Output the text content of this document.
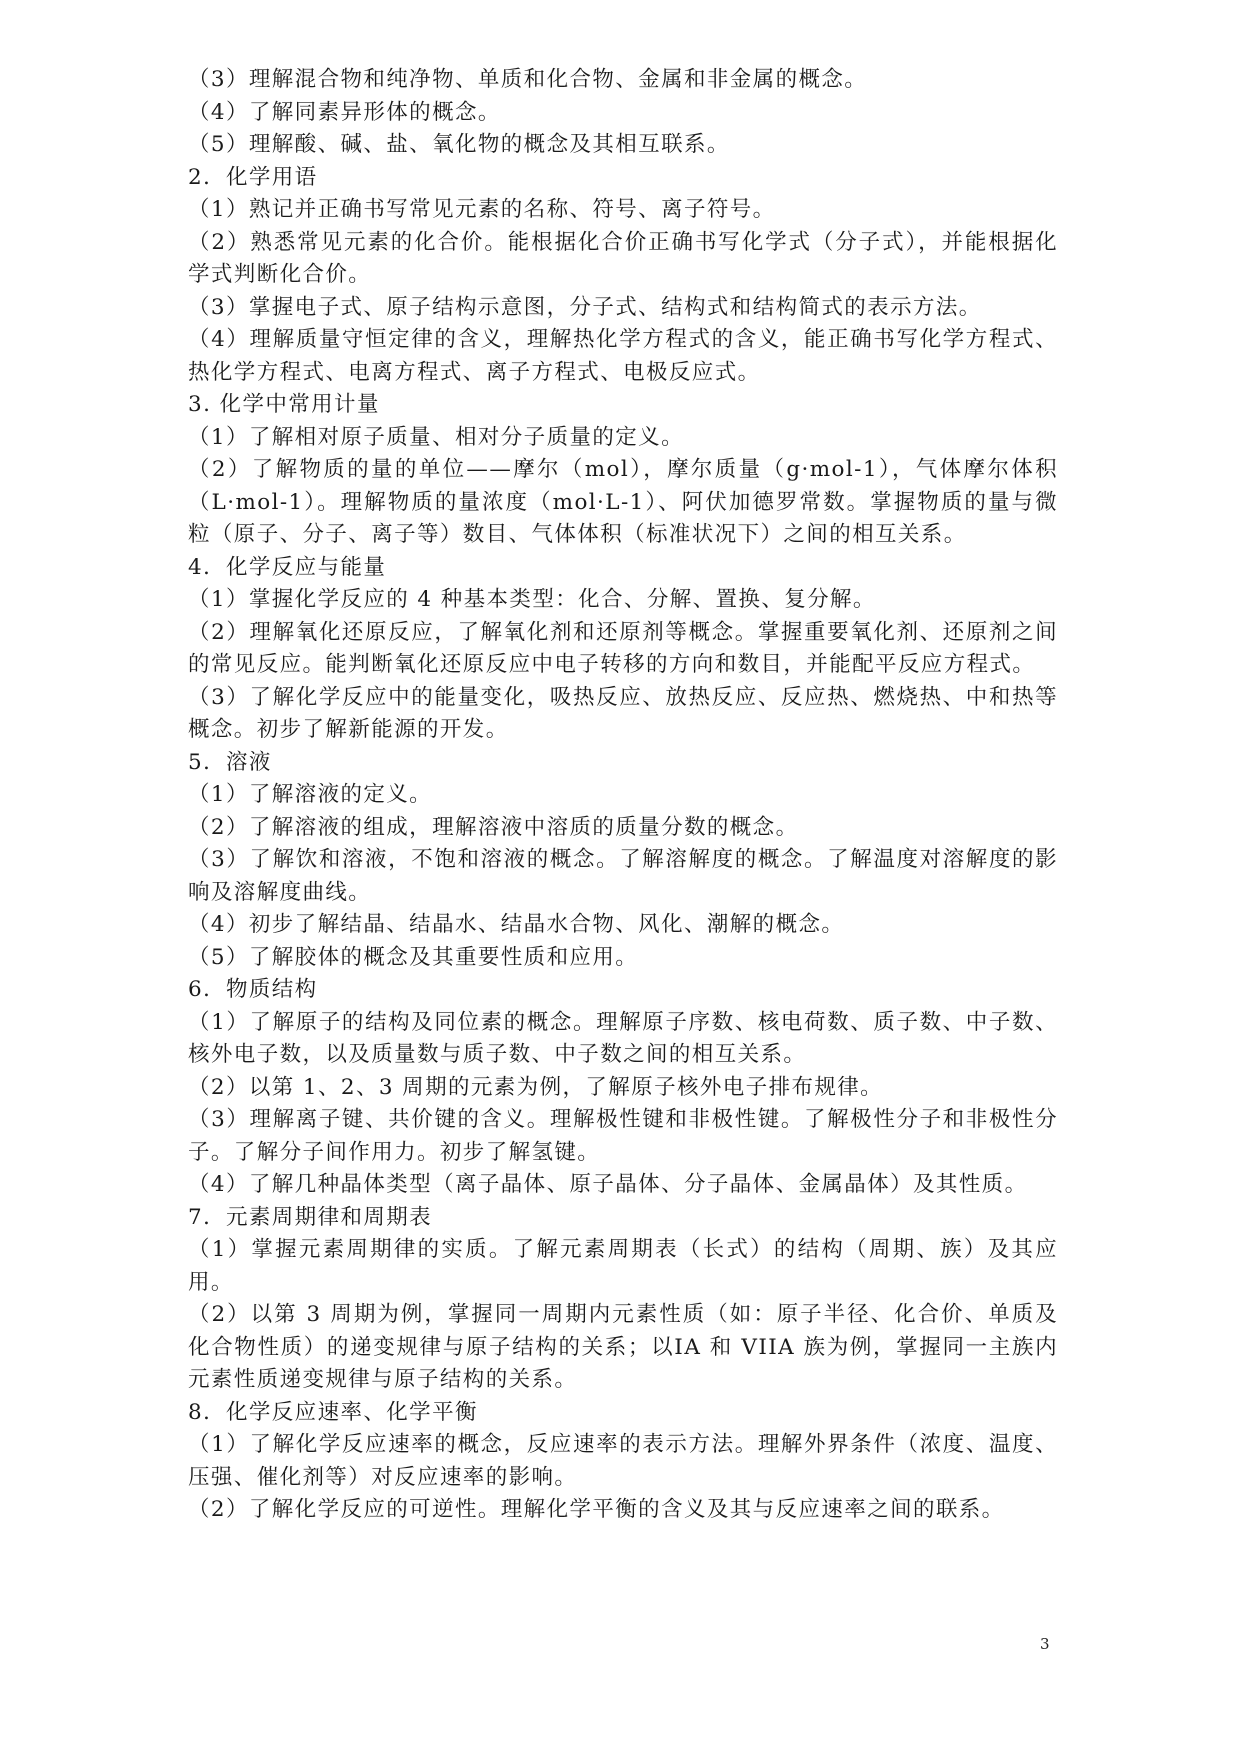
（3）理解混合物和纯净物、单质和化合物、金属和非金属的概念。

（4）了解同素异形体的概念。

（5）理解酸、碱、盐、氧化物的概念及其相互联系。

2．化学用语

（1）熟记并正确书写常见元素的名称、符号、离子符号。

（2）熟悉常见元素的化合价。能根据化合价正确书写化学式（分子式），并能根据化学式判断化合价。

（3）掌握电子式、原子结构示意图，分子式、结构式和结构简式的表示方法。

（4）理解质量守恒定律的含义，理解热化学方程式的含义，能正确书写化学方程式、热化学方程式、电离方程式、离子方程式、电极反应式。

3. 化学中常用计量

（1）了解相对原子质量、相对分子质量的定义。

（2）了解物质的量的单位——摩尔（mol），摩尔质量（g·mol-1），气体摩尔体积（L·mol-1）。理解物质的量浓度（mol·L-1）、阿伏加德罗常数。掌握物质的量与微粒（原子、分子、离子等）数目、气体体积（标准状况下）之间的相互关系。

4．化学反应与能量

（1）掌握化学反应的 4 种基本类型：化合、分解、置换、复分解。

（2）理解氧化还原反应，了解氧化剂和还原剂等概念。掌握重要氧化剂、还原剂之间的常见反应。能判断氧化还原反应中电子转移的方向和数目，并能配平反应方程式。

（3）了解化学反应中的能量变化，吸热反应、放热反应、反应热、燃烧热、中和热等概念。初步了解新能源的开发。

5．溶液

（1）了解溶液的定义。

（2）了解溶液的组成，理解溶液中溶质的质量分数的概念。

（3）了解饮和溶液，不饱和溶液的概念。了解溶解度的概念。了解温度对溶解度的影响及溶解度曲线。

（4）初步了解结晶、结晶水、结晶水合物、风化、潮解的概念。

（5）了解胶体的概念及其重要性质和应用。

6．物质结构

（1）了解原子的结构及同位素的概念。理解原子序数、核电荷数、质子数、中子数、核外电子数，以及质量数与质子数、中子数之间的相互关系。

（2）以第 1、2、3 周期的元素为例，了解原子核外电子排布规律。

（3）理解离子键、共价键的含义。理解极性键和非极性键。了解极性分子和非极性分子。了解分子间作用力。初步了解氢键。

（4）了解几种晶体类型（离子晶体、原子晶体、分子晶体、金属晶体）及其性质。

7．元素周期律和周期表

（1）掌握元素周期律的实质。了解元素周期表（长式）的结构（周期、族）及其应用。

（2）以第 3 周期为例，掌握同一周期内元素性质（如：原子半径、化合价、单质及化合物性质）的递变规律与原子结构的关系；以ⅠA 和 VIIA 族为例，掌握同一主族内元素性质递变规律与原子结构的关系。

8．化学反应速率、化学平衡

（1）了解化学反应速率的概念，反应速率的表示方法。理解外界条件（浓度、温度、压强、催化剂等）对反应速率的影响。

（2）了解化学反应的可逆性。理解化学平衡的含义及其与反应速率之间的联系。

3
